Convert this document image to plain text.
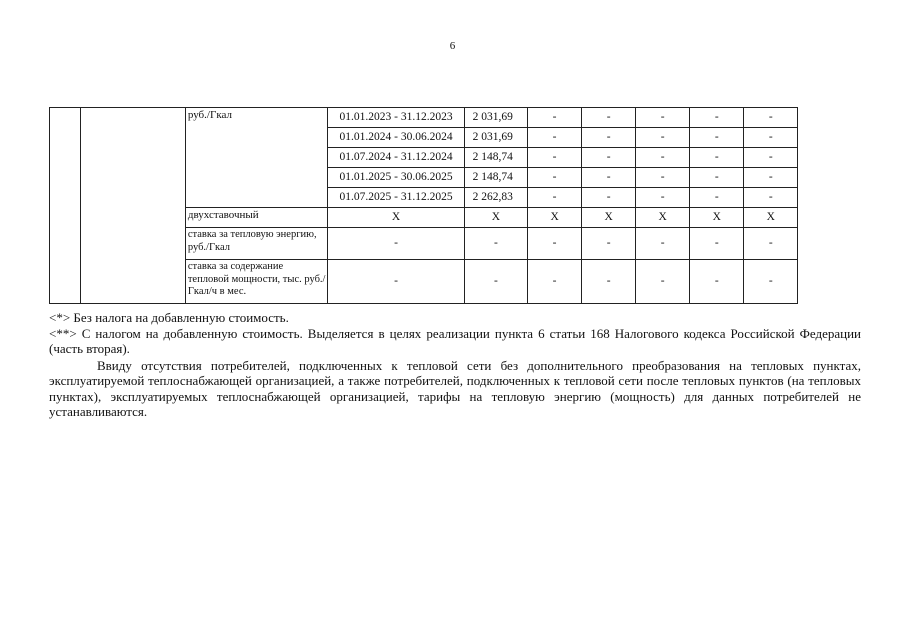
6
		руб./Гкал	01.01.2023 - 31.12.2023	2 031,69	-	-	-	-	-
			01.01.2024 - 30.06.2024	2 031,69	-	-	-	-	-
			01.07.2024 - 31.12.2024	2 148,74	-	-	-	-	-
			01.01.2025 - 30.06.2025	2 148,74	-	-	-	-	-
			01.07.2025 - 31.12.2025	2 262,83	-	-	-	-	-
		двухставочный	X	X	X	X	X	X	X
		ставка за тепловую энергию, руб./Гкал	-	-	-	-	-	-	-
		ставка за содержание тепловой мощности, тыс. руб./Гкал/ч в мес.	-	-	-	-	-	-	-

<*> Без налога на добавленную стоимость.

<**> С налогом на добавленную стоимость. Выделяется в целях реализации пункта 6 статьи 168 Налогового кодекса Российской Федерации (часть вторая).

Ввиду отсутствия потребителей, подключенных к тепловой сети без дополнительного преобразования на тепловых пунктах, эксплуатируемой теплоснабжающей организацией, а также потребителей, подключенных к тепловой сети после тепловых пунктов (на тепловых пунктах), эксплуатируемых теплоснабжающей организацией, тарифы на тепловую энергию (мощность) для данных потребителей не устанавливаются.
